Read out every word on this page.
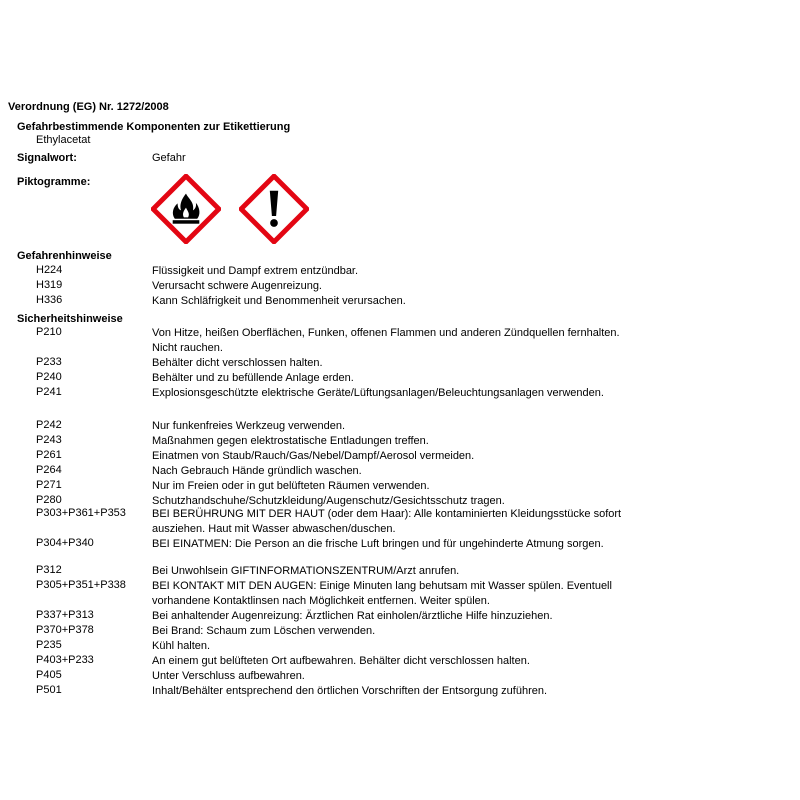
Verordnung (EG) Nr. 1272/2008
Gefahrbestimmende Komponenten zur Etikettierung
Ethylacetat
Signalwort:	Gefahr
Piktogramme:
Gefahrenhinweise
H224	Flüssigkeit und Dampf extrem entzündbar.
H319	Verursacht schwere Augenreizung.
H336	Kann Schläfrigkeit und Benommenheit verursachen.
Sicherheitshinweise
P210	Von Hitze, heißen Oberflächen, Funken, offenen Flammen und anderen Zündquellen fernhalten. Nicht rauchen.
P233	Behälter dicht verschlossen halten.
P240	Behälter und zu befüllende Anlage erden.
P241	Explosionsgeschützte elektrische Geräte/Lüftungsanlagen/Beleuchtungsanlagen verwenden.
P242	Nur funkenfreies Werkzeug verwenden.
P243	Maßnahmen gegen elektrostatische Entladungen treffen.
P261	Einatmen von Staub/Rauch/Gas/Nebel/Dampf/Aerosol vermeiden.
P264	Nach Gebrauch Hände gründlich waschen.
P271	Nur im Freien oder in gut belüfteten Räumen verwenden.
P280	Schutzhandschuhe/Schutzkleidung/Augenschutz/Gesichtsschutz tragen.
P303+P361+P353 BEI BERÜHRUNG MIT DER HAUT (oder dem Haar): Alle kontaminierten Kleidungsstücke sofort ausziehen. Haut mit Wasser abwaschen/duschen.
P304+P340	BEI EINATMEN: Die Person an die frische Luft bringen und für ungehinderte Atmung sorgen.
P312	Bei Unwohlsein GIFTINFORMATIONSZENTRUM/Arzt anrufen.
P305+P351+P338 BEI KONTAKT MIT DEN AUGEN: Einige Minuten lang behutsam mit Wasser spülen. Eventuell vorhandene Kontaktlinsen nach Möglichkeit entfernen. Weiter spülen.
P337+P313	Bei anhaltender Augenreizung: Ärztlichen Rat einholen/ärztliche Hilfe hinzuziehen.
P370+P378	Bei Brand: Schaum zum Löschen verwenden.
P235	Kühl halten.
P403+P233	An einem gut belüfteten Ort aufbewahren. Behälter dicht verschlossen halten.
P405	Unter Verschluss aufbewahren.
P501	Inhalt/Behälter entsprechend den örtlichen Vorschriften der Entsorgung zuführen.
